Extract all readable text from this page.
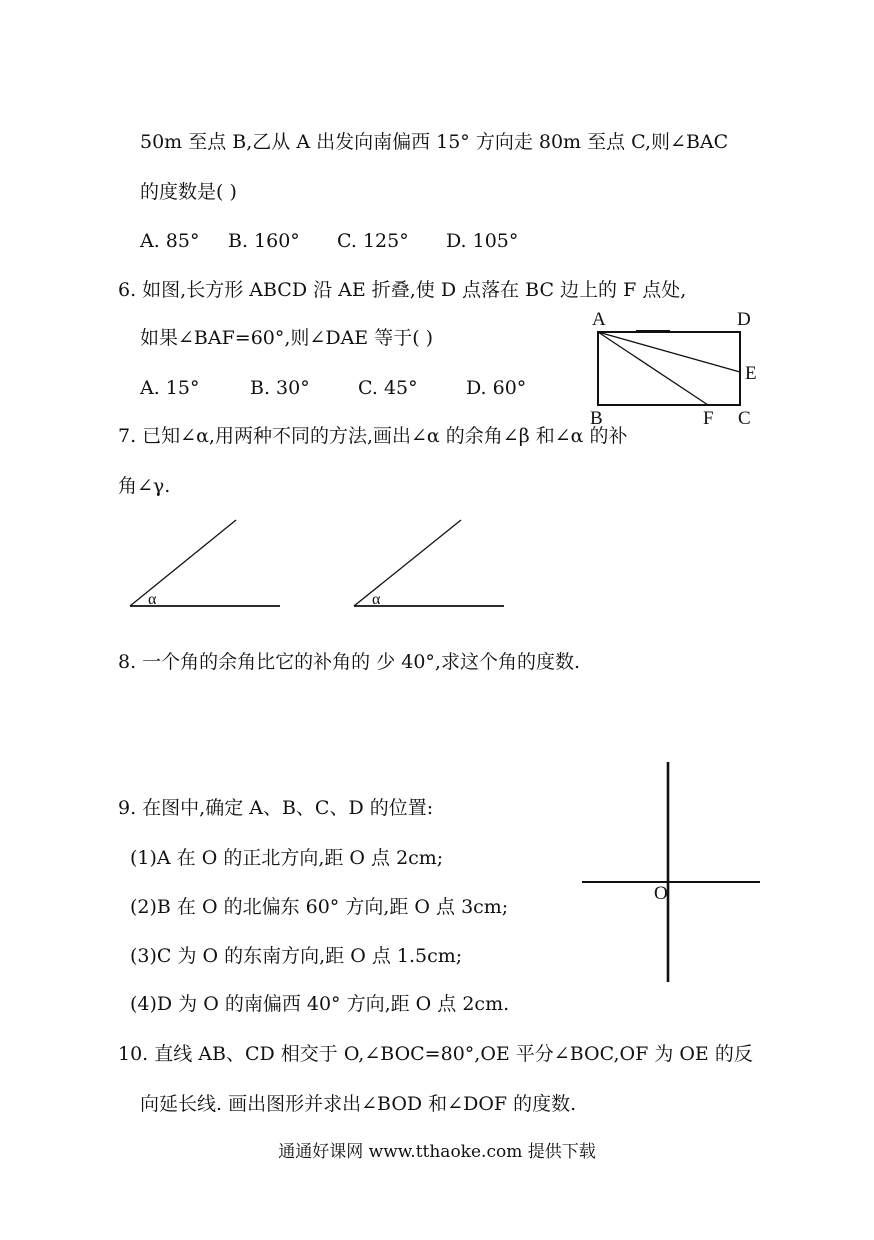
50m 至点 B,乙从 A 出发向南偏西 15° 方向走 80m 至点 C,则∠BAC
的度数是( )
A. 85° B. 160° C. 125° D. 105°
6. 如图,长方形 ABCD 沿 AE 折叠,使 D 点落在 BC 边上的 F 点处,
如果∠BAF=60°,则∠DAE 等于( )
A. 15°	B. 30°	C. 45°	D. 60°
A	D
E
B	F C
7. 已知∠α,用两种不同的方法,画出∠α 的余角∠β 和∠α 的补
角∠γ.
α	α
8. 一个角的余角比它的补角的 少 40°,求这个角的度数.
9. 在图中,确定 A、B、C、D 的位置:
(1)A 在 O 的正北方向,距 O 点 2cm;
(2)B 在 O 的北偏东 60° 方向,距 O 点 3cm;
(3)C 为 O 的东南方向,距 O 点 1.5cm;
(4)D 为 O 的南偏西 40° 方向,距 O 点 2cm.
O
10. 直线 AB、CD 相交于 O,∠BOC=80°,OE 平分∠BOC,OF 为 OE 的反
向延长线. 画出图形并求出∠BOD 和∠DOF 的度数.
通通好课网 www.tthaoke.com 提供下载
